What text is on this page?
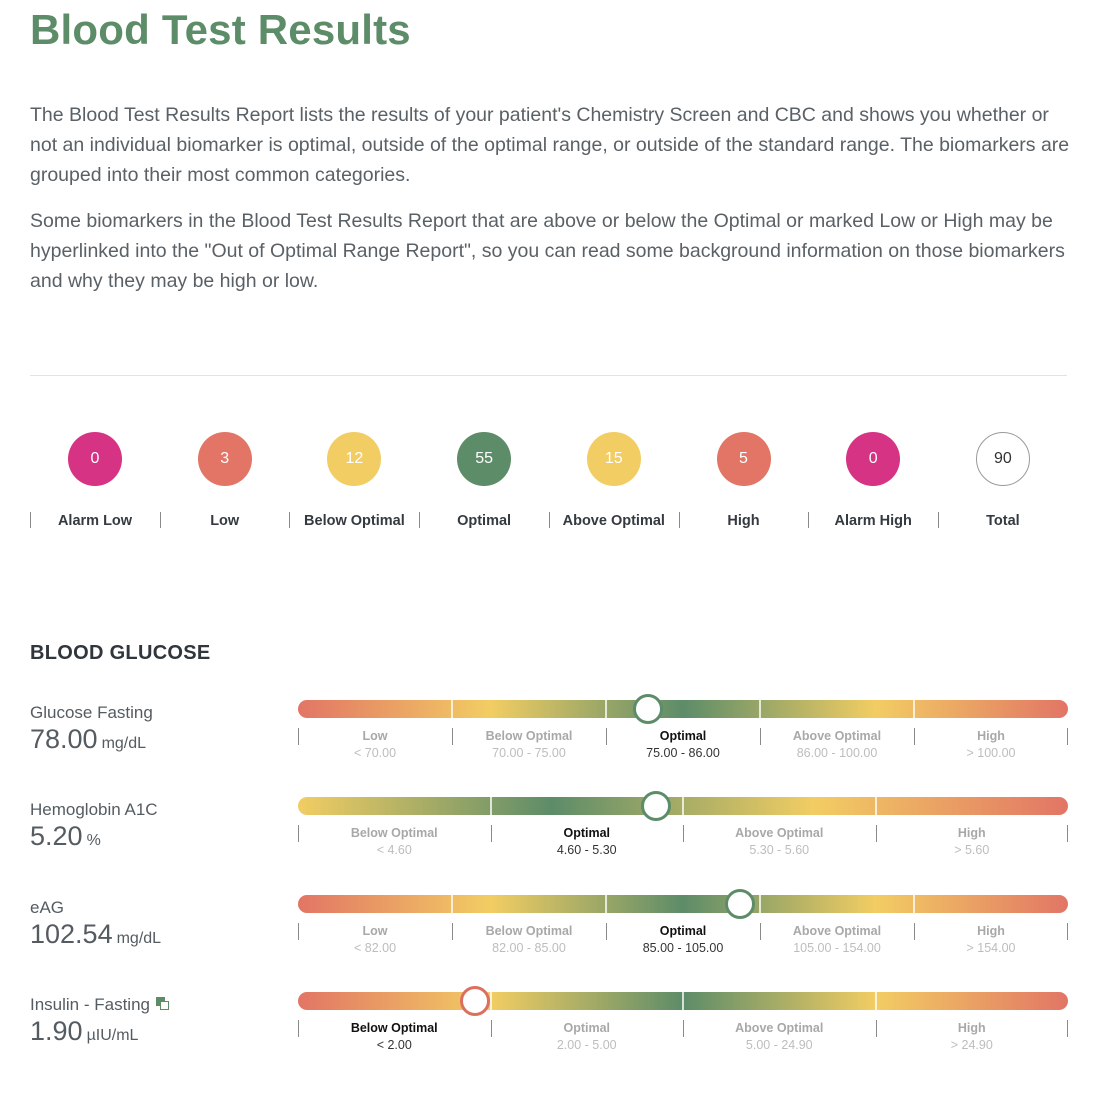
Blood Test Results

The Blood Test Results Report lists the results of your patient's Chemistry Screen and CBC and shows you whether or not an individual biomarker is optimal, outside of the optimal range, or outside of the standard range. The biomarkers are grouped into their most common categories.

Some biomarkers in the Blood Test Results Report that are above or below the Optimal or marked Low or High may be hyperlinked into the "Out of Optimal Range Report", so you can read some background information on those biomarkers and why they may be high or low.

0
Alarm Low
3
Low
12
Below Optimal
55
Optimal
15
Above Optimal
5
High
0
Alarm High
90
Total
BLOOD GLUCOSE
Glucose Fasting
78.00 mg/dL	Low
< 70.00
Below Optimal
70.00 - 75.00
Optimal
75.00 - 86.00
Above Optimal
86.00 - 100.00
High
> 100.00
Hemoglobin A1C
5.20 %	Below Optimal
< 4.60
Optimal
4.60 - 5.30
Above Optimal
5.30 - 5.60
High
> 5.60
eAG
102.54 mg/dL	Low
< 82.00
Below Optimal
82.00 - 85.00
Optimal
85.00 - 105.00
Above Optimal
105.00 - 154.00
High
> 154.00
Insulin - Fasting
1.90 µIU/mL	Below Optimal
< 2.00
Optimal
2.00 - 5.00
Above Optimal
5.00 - 24.90
High
> 24.90
